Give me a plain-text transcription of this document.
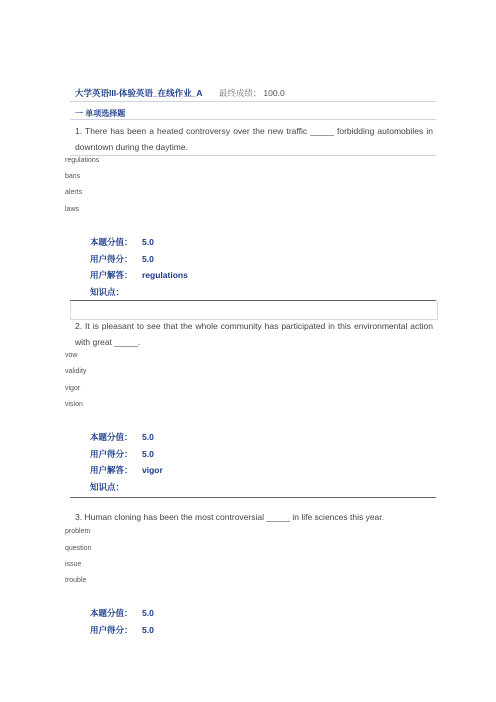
大学英语III-体验英语_在线作业_A 最终成绩： 100.0
一 单项选择题
1. There has been a heated controversy over the new traffic _____ forbidding automobiles in downtown during the daytime.
regulations
bans
alerts
laws
本题分值： 5.0
用户得分： 5.0
用户解答： regulations
知识点：
2. It is pleasant to see that the whole community has participated in this environmental action with great _____.
vow
validity
vigor
vision
本题分值： 5.0
用户得分： 5.0
用户解答： vigor
知识点：
3. Human cloning has been the most controversial _____ in life sciences this year.
problem
question
issue
trouble
本题分值： 5.0
用户得分： 5.0
